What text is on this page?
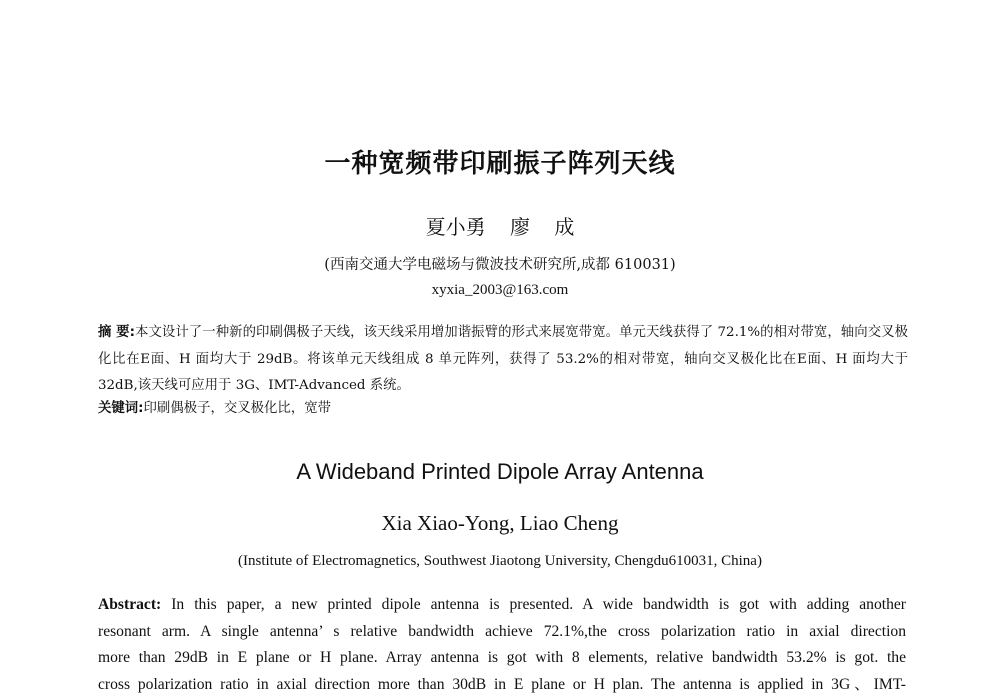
一种宽频带印刷振子阵列天线
夏小勇 廖 成
(西南交通大学电磁场与微波技术研究所,成都 610031)
xyxia_2003@163.com
摘 要:本文设计了一种新的印刷偶极子天线，该天线采用增加谐振臂的形式来展宽带宽。单元天线获得了 72.1%的相对带宽，轴向交叉极化比在E面、H 面均大于 29dB。将该单元天线组成 8 单元阵列，获得了 53.2%的相对带宽，轴向交叉极化比在E面、H 面均大于 32dB,该天线可应用于 3G、IMT-Advanced 系统。
关键词:印刷偶极子，交叉极化比，宽带
A Wideband Printed Dipole Array Antenna
Xia Xiao-Yong, Liao Cheng
(Institute of Electromagnetics, Southwest Jiaotong University, Chengdu610031, China)
Abstract: In this paper, a new printed dipole antenna is presented. A wide bandwidth is got with adding another
resonant arm. A single antenna’ s relative bandwidth achieve 72.1%,the cross polarization ratio in axial direction
more than 29dB in E plane or H plane. Array antenna is got with 8 elements, relative bandwidth 53.2% is got. the
cross polarization ratio in axial direction more than 30dB in E plane or H plan. The antenna is applied in 3G、IMT-
